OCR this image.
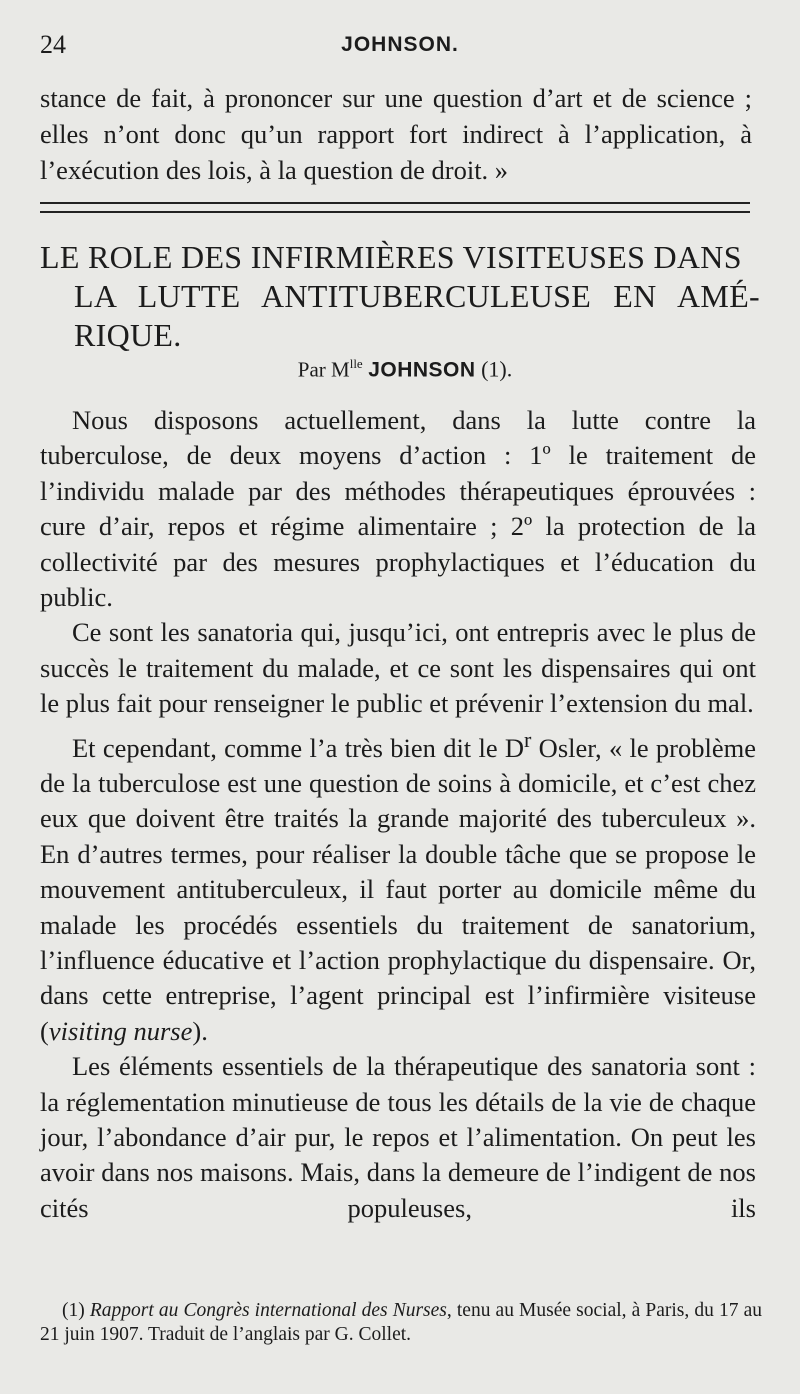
24	JOHNSON.
stance de fait, à prononcer sur une question d’art et de science ; elles n’ont donc qu’un rapport fort indirect à l’application, à l’exécution des lois, à la question de droit. »
LE ROLE DES INFIRMIÈRES VISITEUSES DANS
LA LUTTE ANTITUBERCULEUSE EN AMÉ-
RIQUE.
Par $M^{lle}$ JOHNSON (1).

Nous disposons actuellement, dans la lutte contre la tuberculose, de deux moyens d’action : 1º le traitement de l’individu malade par des méthodes thérapeutiques éprouvées : cure d’air, repos et régime alimentaire ; 2º la protection de la collectivité par des mesures prophylactiques et l’éducation du public.

Ce sont les sanatoria qui, jusqu’ici, ont entrepris avec le plus de succès le traitement du malade, et ce sont les dispensaires qui ont le plus fait pour renseigner le public et prévenir l’extension du mal.

Et cependant, comme l’a très bien dit le $D^r$ Osler, « le problème de la tuberculose est une question de soins à domicile, et c’est chez eux que doivent être traités la grande majorité des tuberculeux ». En d’autres termes, pour réaliser la double tâche que se propose le mouvement antituberculeux, il faut porter au domicile même du malade les procédés essentiels du traitement de sanatorium, l’influence éducative et l’action prophylactique du dispensaire. Or, dans cette entreprise, l’agent principal est l’infirmière visiteuse (visiting nurse).

Les éléments essentiels de la thérapeutique des sanatoria sont : la réglementation minutieuse de tous les détails de la vie de chaque jour, l’abondance d’air pur, le repos et l’alimentation. On peut les avoir dans nos maisons. Mais, dans la demeure de l’indigent de nos cités populeuses, ils

(1) Rapport au Congrès international des Nurses, tenu au Musée social, à Paris, du 17 au 21 juin 1907. Traduit de l’anglais par G. Collet.
